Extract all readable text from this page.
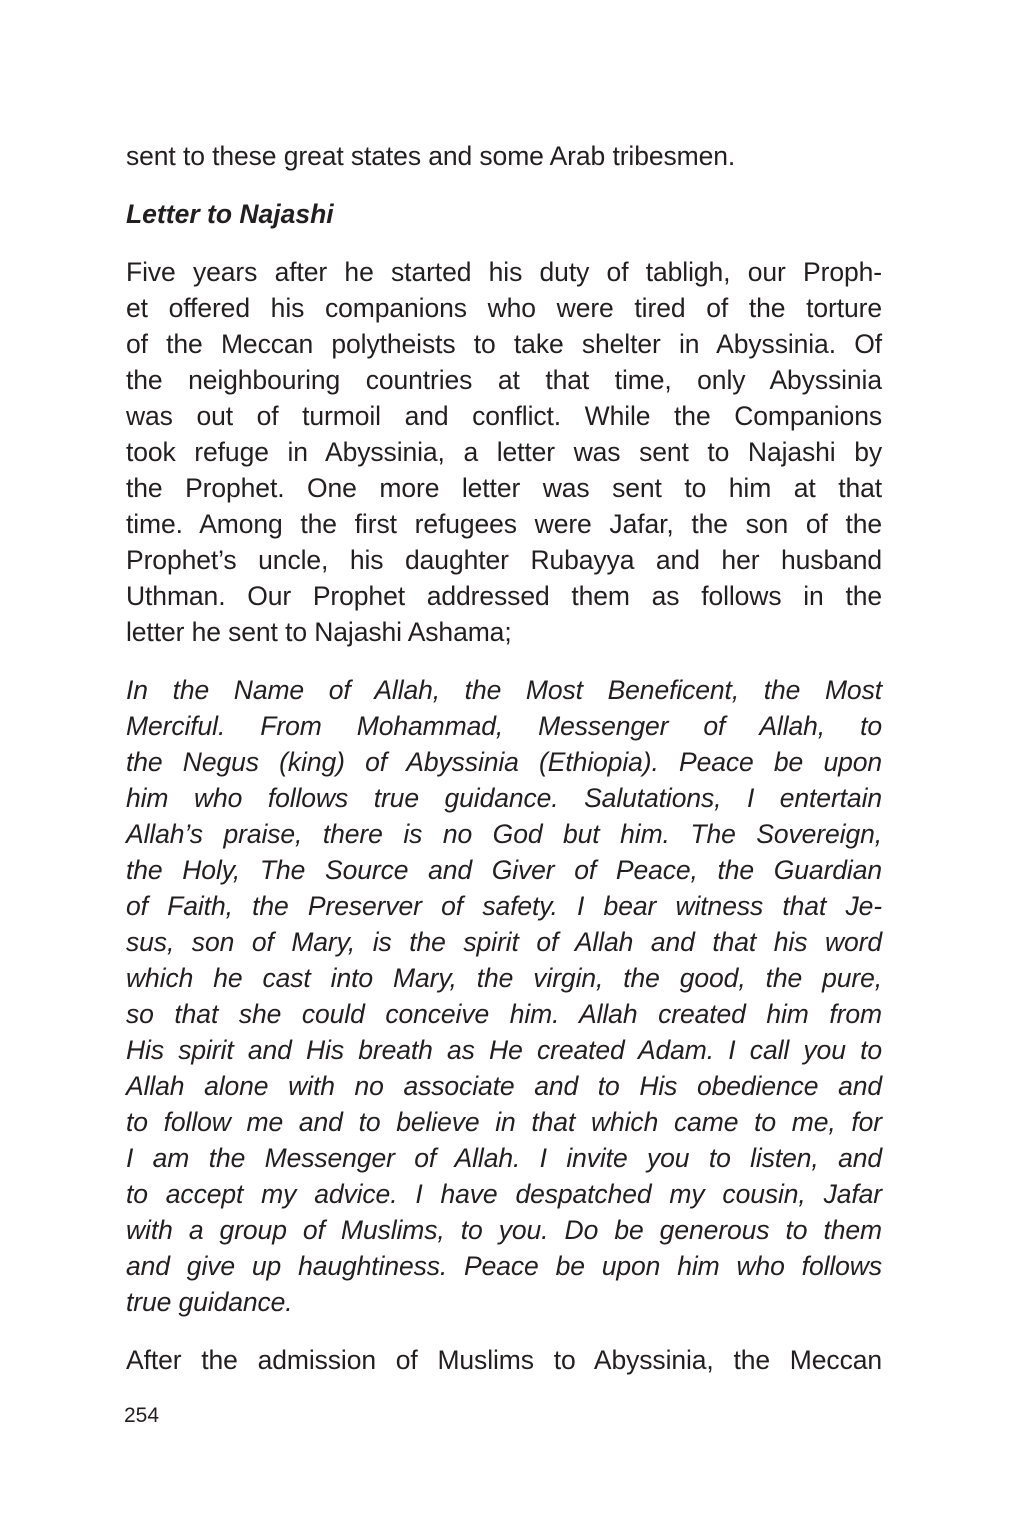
sent to these great states and some Arab tribesmen.
Letter to Najashi
Five years after he started his duty of tabligh, our Proph-
et offered his companions who were tired of the torture
of the Meccan polytheists to take shelter in Abyssinia. Of
the neighbouring countries at that time, only Abyssinia
was out of turmoil and conflict. While the Companions
took refuge in Abyssinia, a letter was sent to Najashi by
the Prophet. One more letter was sent to him at that
time. Among the first refugees were Jafar, the son of the
Prophet’s uncle, his daughter Rubayya and her husband
Uthman. Our Prophet addressed them as follows in the
letter he sent to Najashi Ashama;
In the Name of Allah, the Most Beneficent, the Most
Merciful. From Mohammad, Messenger of Allah, to
the Negus (king) of Abyssinia (Ethiopia). Peace be upon
him who follows true guidance. Salutations, I entertain
Allah’s praise, there is no God but him. The Sovereign,
the Holy, The Source and Giver of Peace, the Guardian
of Faith, the Preserver of safety. I bear witness that Je-
sus, son of Mary, is the spirit of Allah and that his word
which he cast into Mary, the virgin, the good, the pure,
so that she could conceive him. Allah created him from
His spirit and His breath as He created Adam. I call you to
Allah alone with no associate and to His obedience and
to follow me and to believe in that which came to me, for
I am the Messenger of Allah. I invite you to listen, and
to accept my advice. I have despatched my cousin, Jafar
with a group of Muslims, to you. Do be generous to them
and give up haughtiness. Peace be upon him who follows
true guidance.
After the admission of Muslims to Abyssinia, the Meccan
254
